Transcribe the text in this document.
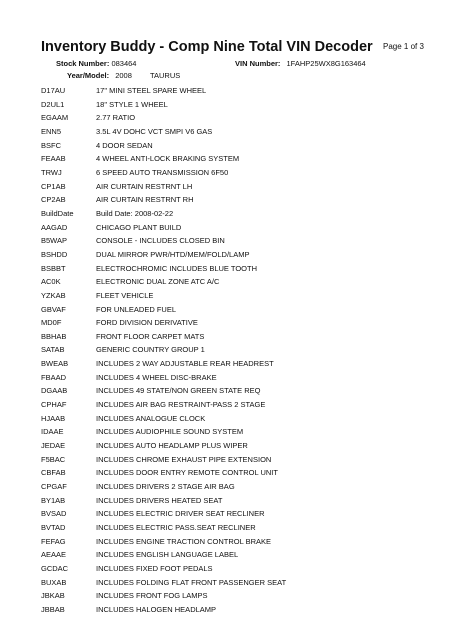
Inventory Buddy - Comp Nine Total VIN Decoder Page 1 of 3
Stock Number: 083464
Year/Model: 2008 TAURUS
VIN Number: 1FAHP25WX8G163464
D17AU	17" MINI STEEL SPARE WHEEL
D2UL1	18" STYLE 1 WHEEL
EGAAM	2.77 RATIO
ENN5	3.5L 4V DOHC VCT SMPI V6 GAS
BSFC	4 DOOR SEDAN
FEAAB	4 WHEEL ANTI-LOCK BRAKING SYSTEM
TRWJ	6 SPEED AUTO TRANSMISSION 6F50
CP1AB	AIR CURTAIN RESTRNT LH
CP2AB	AIR CURTAIN RESTRNT RH
BuildDate	Build Date: 2008-02-22
AAGAD	CHICAGO PLANT BUILD
B5WAP	CONSOLE - INCLUDES CLOSED BIN
BSHDD	DUAL MIRROR PWR/HTD/MEM/FOLD/LAMP
BSBBT	ELECTROCHROMIC INCLUDES BLUE TOOTH
AC0K	ELECTRONIC DUAL ZONE ATC A/C
YZKAB	FLEET VEHICLE
GBVAF	FOR UNLEADED FUEL
MD0F	FORD DIVISION DERIVATIVE
BBHAB	FRONT FLOOR CARPET MATS
SATAB	GENERIC COUNTRY GROUP 1
BWEAB	INCLUDES 2 WAY ADJUSTABLE REAR HEADREST
FBAAD	INCLUDES 4 WHEEL DISC-BRAKE
DGAAB	INCLUDES 49 STATE/NON GREEN STATE REQ
CPHAF	INCLUDES AIR BAG RESTRAINT-PASS 2 STAGE
HJAAB	INCLUDES ANALOGUE CLOCK
IDAAE	INCLUDES AUDIOPHILE SOUND SYSTEM
JEDAE	INCLUDES AUTO HEADLAMP PLUS WIPER
F5BAC	INCLUDES CHROME EXHAUST PIPE EXTENSION
CBFAB	INCLUDES DOOR ENTRY REMOTE CONTROL UNIT
CPGAF	INCLUDES DRIVERS 2 STAGE AIR BAG
BY1AB	INCLUDES DRIVERS HEATED SEAT
BVSAD	INCLUDES ELECTRIC DRIVER SEAT RECLINER
BVTAD	INCLUDES ELECTRIC PASS.SEAT RECLINER
FEFAG	INCLUDES ENGINE TRACTION CONTROL BRAKE
AEAAE	INCLUDES ENGLISH LANGUAGE LABEL
GCDAC	INCLUDES FIXED FOOT PEDALS
BUXAB	INCLUDES FOLDING FLAT FRONT PASSENGER SEAT
JBKAB	INCLUDES FRONT FOG LAMPS
JBBAB	INCLUDES HALOGEN HEADLAMP
